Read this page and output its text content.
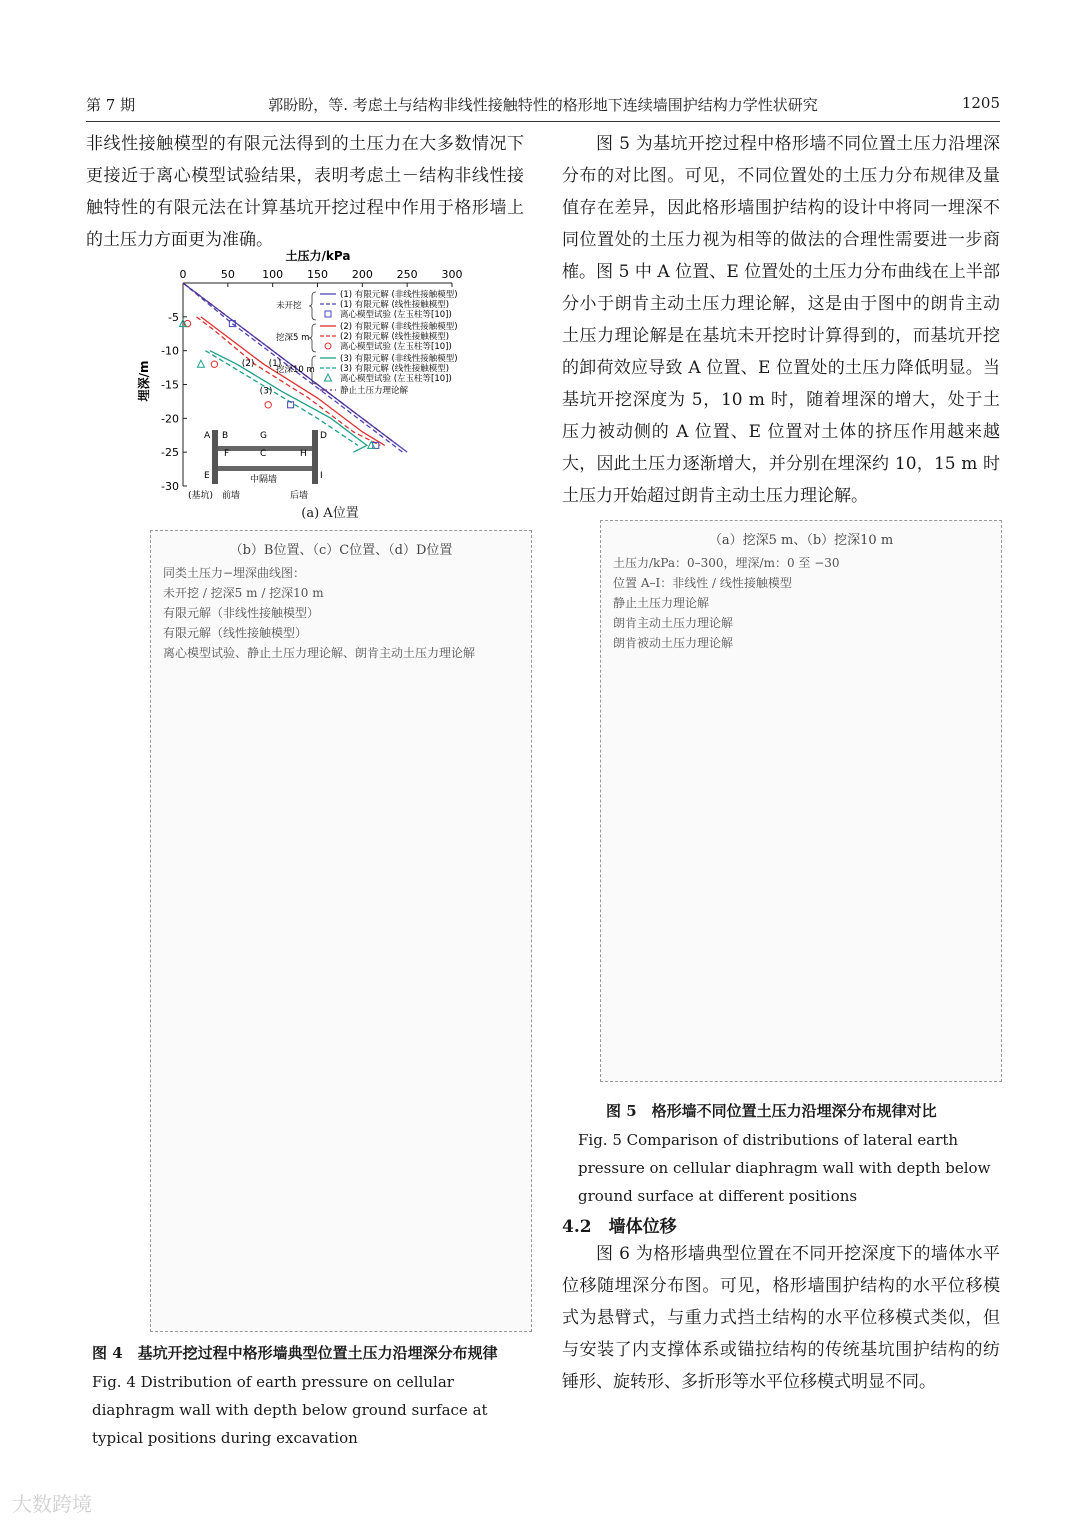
第 7 期	郭盼盼，等. 考虑土与结构非线性接触特性的格形地下连续墙围护结构力学性状研究	1205

非线性接触模型的有限元法得到的土压力在大多数情况下更接近于离心模型试验结果，表明考虑土－结构非线性接触特性的有限元法在计算基坑开挖过程中作用于格形墙上的土压力方面更为准确。

土压力/kPa
埋深/m
0	50 100 150 200 250 300
-5
-10
-15
-20
-25
-30
(1)
(2)
(3)
未开挖
(1) 有限元解 (非线性接触模型)
(1) 有限元解 (线性接触模型)
离心模型试验 (左玉柱等[10])
挖深5 m
(2) 有限元解 (非线性接触模型)
(2) 有限元解 (线性接触模型)
离心模型试验 (左玉柱等[10])
挖深10 m
(3) 有限元解 (非线性接触模型)
(3) 有限元解 (线性接触模型)
离心模型试验 (左玉柱等[10])
静止土压力理论解
A B
C
D
E
F
G
H
I
(基坑) 前墙
中隔墙
后墙
(a) A位置
（b）B位置、（c）C位置、（d）D位置
同类土压力−埋深曲线图：
未开挖 / 挖深5 m / 挖深10 m
有限元解（非线性接触模型）
有限元解（线性接触模型）
离心模型试验、静止土压力理论解、朗肯主动土压力理论解
图 4　基坑开挖过程中格形墙典型位置土压力沿埋深分布规律
Fig. 4 Distribution of earth pressure on cellular diaphragm wall with depth below ground surface at typical positions during excavation

图 5 为基坑开挖过程中格形墙不同位置土压力沿埋深分布的对比图。可见，不同位置处的土压力分布规律及量值存在差异，因此格形墙围护结构的设计中将同一埋深不同位置处的土压力视为相等的做法的合理性需要进一步商榷。图 5 中 A 位置、E 位置处的土压力分布曲线在上半部分小于朗肯主动土压力理论解，这是由于图中的朗肯主动土压力理论解是在基坑未开挖时计算得到的，而基坑开挖的卸荷效应导致 A 位置、E 位置处的土压力降低明显。当基坑开挖深度为 5，10 m 时，随着埋深的增大，处于土压力被动侧的 A 位置、E 位置对土体的挤压作用越来越大，因此土压力逐渐增大，并分别在埋深约 10，15 m 时土压力开始超过朗肯主动土压力理论解。

（a）挖深5 m、（b）挖深10 m
土压力/kPa：0–300，埋深/m：0 至 −30
位置 A–I：非线性 / 线性接触模型
静止土压力理论解
朗肯主动土压力理论解
朗肯被动土压力理论解
图 5　格形墙不同位置土压力沿埋深分布规律对比
Fig. 5 Comparison of distributions of lateral earth pressure on cellular diaphragm wall with depth below ground surface at different positions
4.2　墙体位移

图 6 为格形墙典型位置在不同开挖深度下的墙体水平位移随埋深分布图。可见，格形墙围护结构的水平位移模式为悬臂式，与重力式挡土结构的水平位移模式类似，但与安装了内支撑体系或锚拉结构的传统基坑围护结构的纺锤形、旋转形、多折形等水平位移模式明显不同。

大数跨境
